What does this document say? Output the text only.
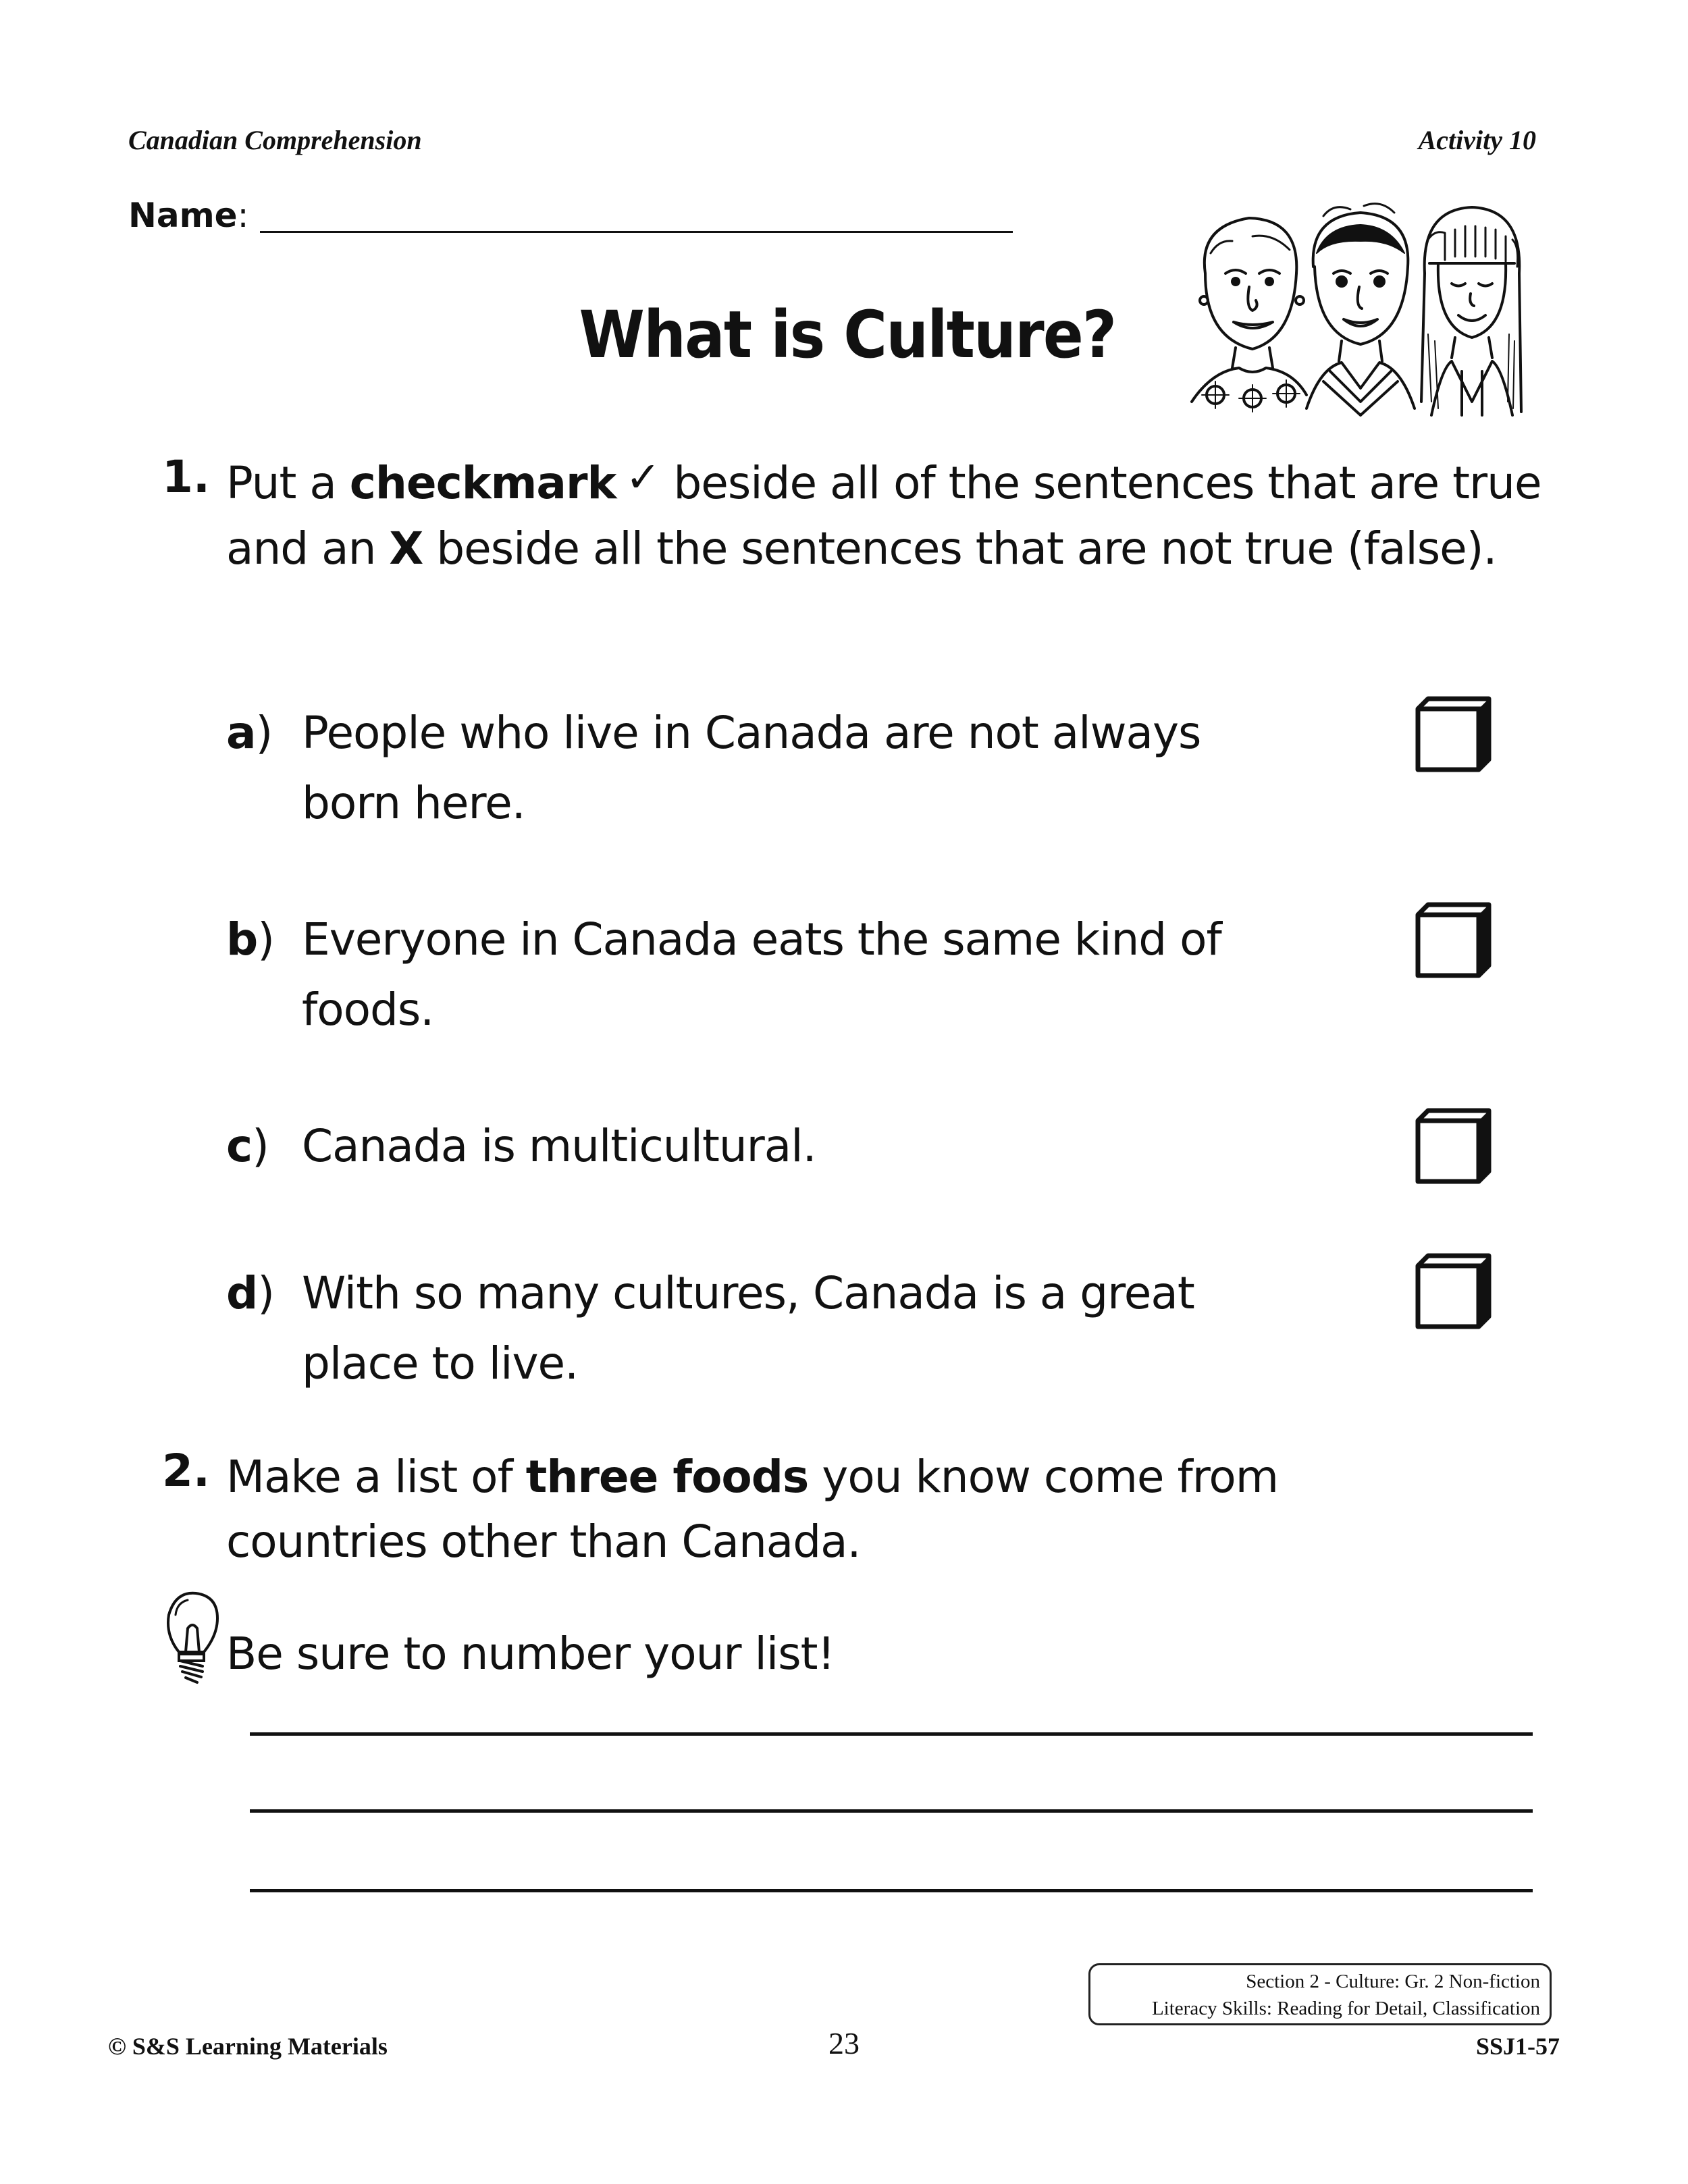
Canadian Comprehension	Activity 10
Name:
What is Culture?
1. Put a checkmark ✓ beside all of the sentences that are true and an X beside all the sentences that are not true (false).
a) People who live in Canada are not always born here.
b) Everyone in Canada eats the same kind of foods.
c) Canada is multicultural.
d) With so many cultures, Canada is a great place to live.
2. Make a list of three foods you know come from countries other than Canada.
Be sure to number your list!
Section 2 - Culture: Gr. 2 Non-fiction
Literacy Skills: Reading for Detail, Classification
© S&S Learning Materials	23	SSJ1-57
